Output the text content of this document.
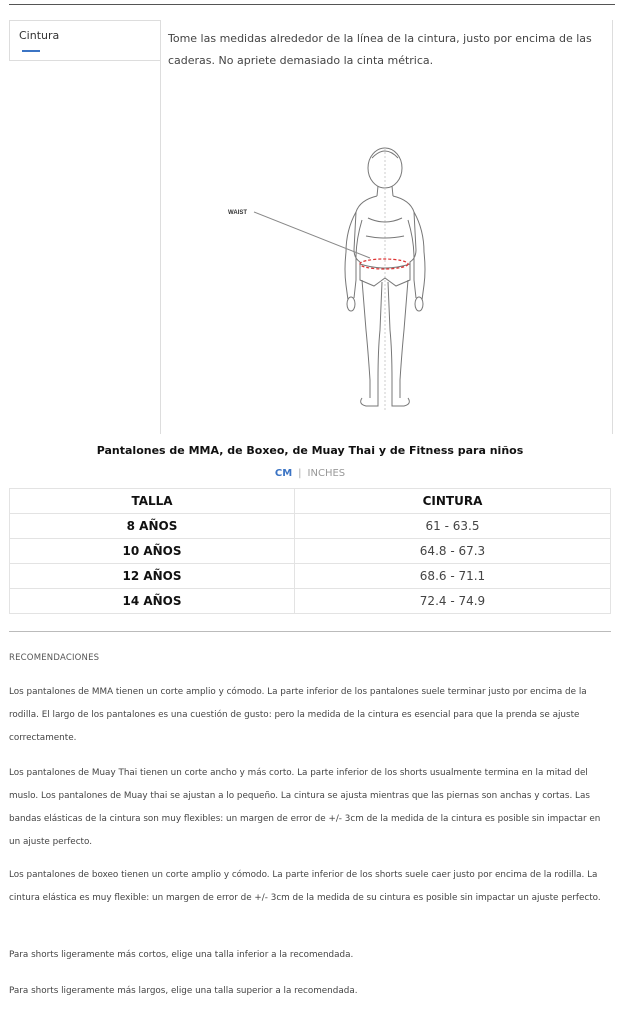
Cintura	Tome las medidas alrededor de la línea de la cintura, justo por encima de las caderas. No apriete demasiado la cinta métrica.
WAIST
Pantalones de MMA, de Boxeo, de Muay Thai y de Fitness para niños
CM | INCHES
TALLA	CINTURA
8 AÑOS	61 - 63.5
10 AÑOS	64.8 - 67.3
12 AÑOS	68.6 - 71.1
14 AÑOS	72.4 - 74.9
RECOMENDACIONES
Los pantalones de MMA tienen un corte amplio y cómodo. La parte inferior de los pantalones suele terminar justo por encima de la rodilla. El largo de los pantalones es una cuestión de gusto: pero la medida de la cintura es esencial para que la prenda se ajuste correctamente.
Los pantalones de Muay Thai tienen un corte ancho y más corto. La parte inferior de los shorts usualmente termina en la mitad del muslo. Los pantalones de Muay thai se ajustan a lo pequeño. La cintura se ajusta mientras que las piernas son anchas y cortas. Las bandas elásticas de la cintura son muy flexibles: un margen de error de +/- 3cm de la medida de la cintura es posible sin impactar en un ajuste perfecto.
Los pantalones de boxeo tienen un corte amplio y cómodo. La parte inferior de los shorts suele caer justo por encima de la rodilla. La cintura elástica es muy flexible: un margen de error de +/- 3cm de la medida de su cintura es posible sin impactar un ajuste perfecto.
Para shorts ligeramente más cortos, elige una talla inferior a la recomendada.
Para shorts ligeramente más largos, elige una talla superior a la recomendada.
